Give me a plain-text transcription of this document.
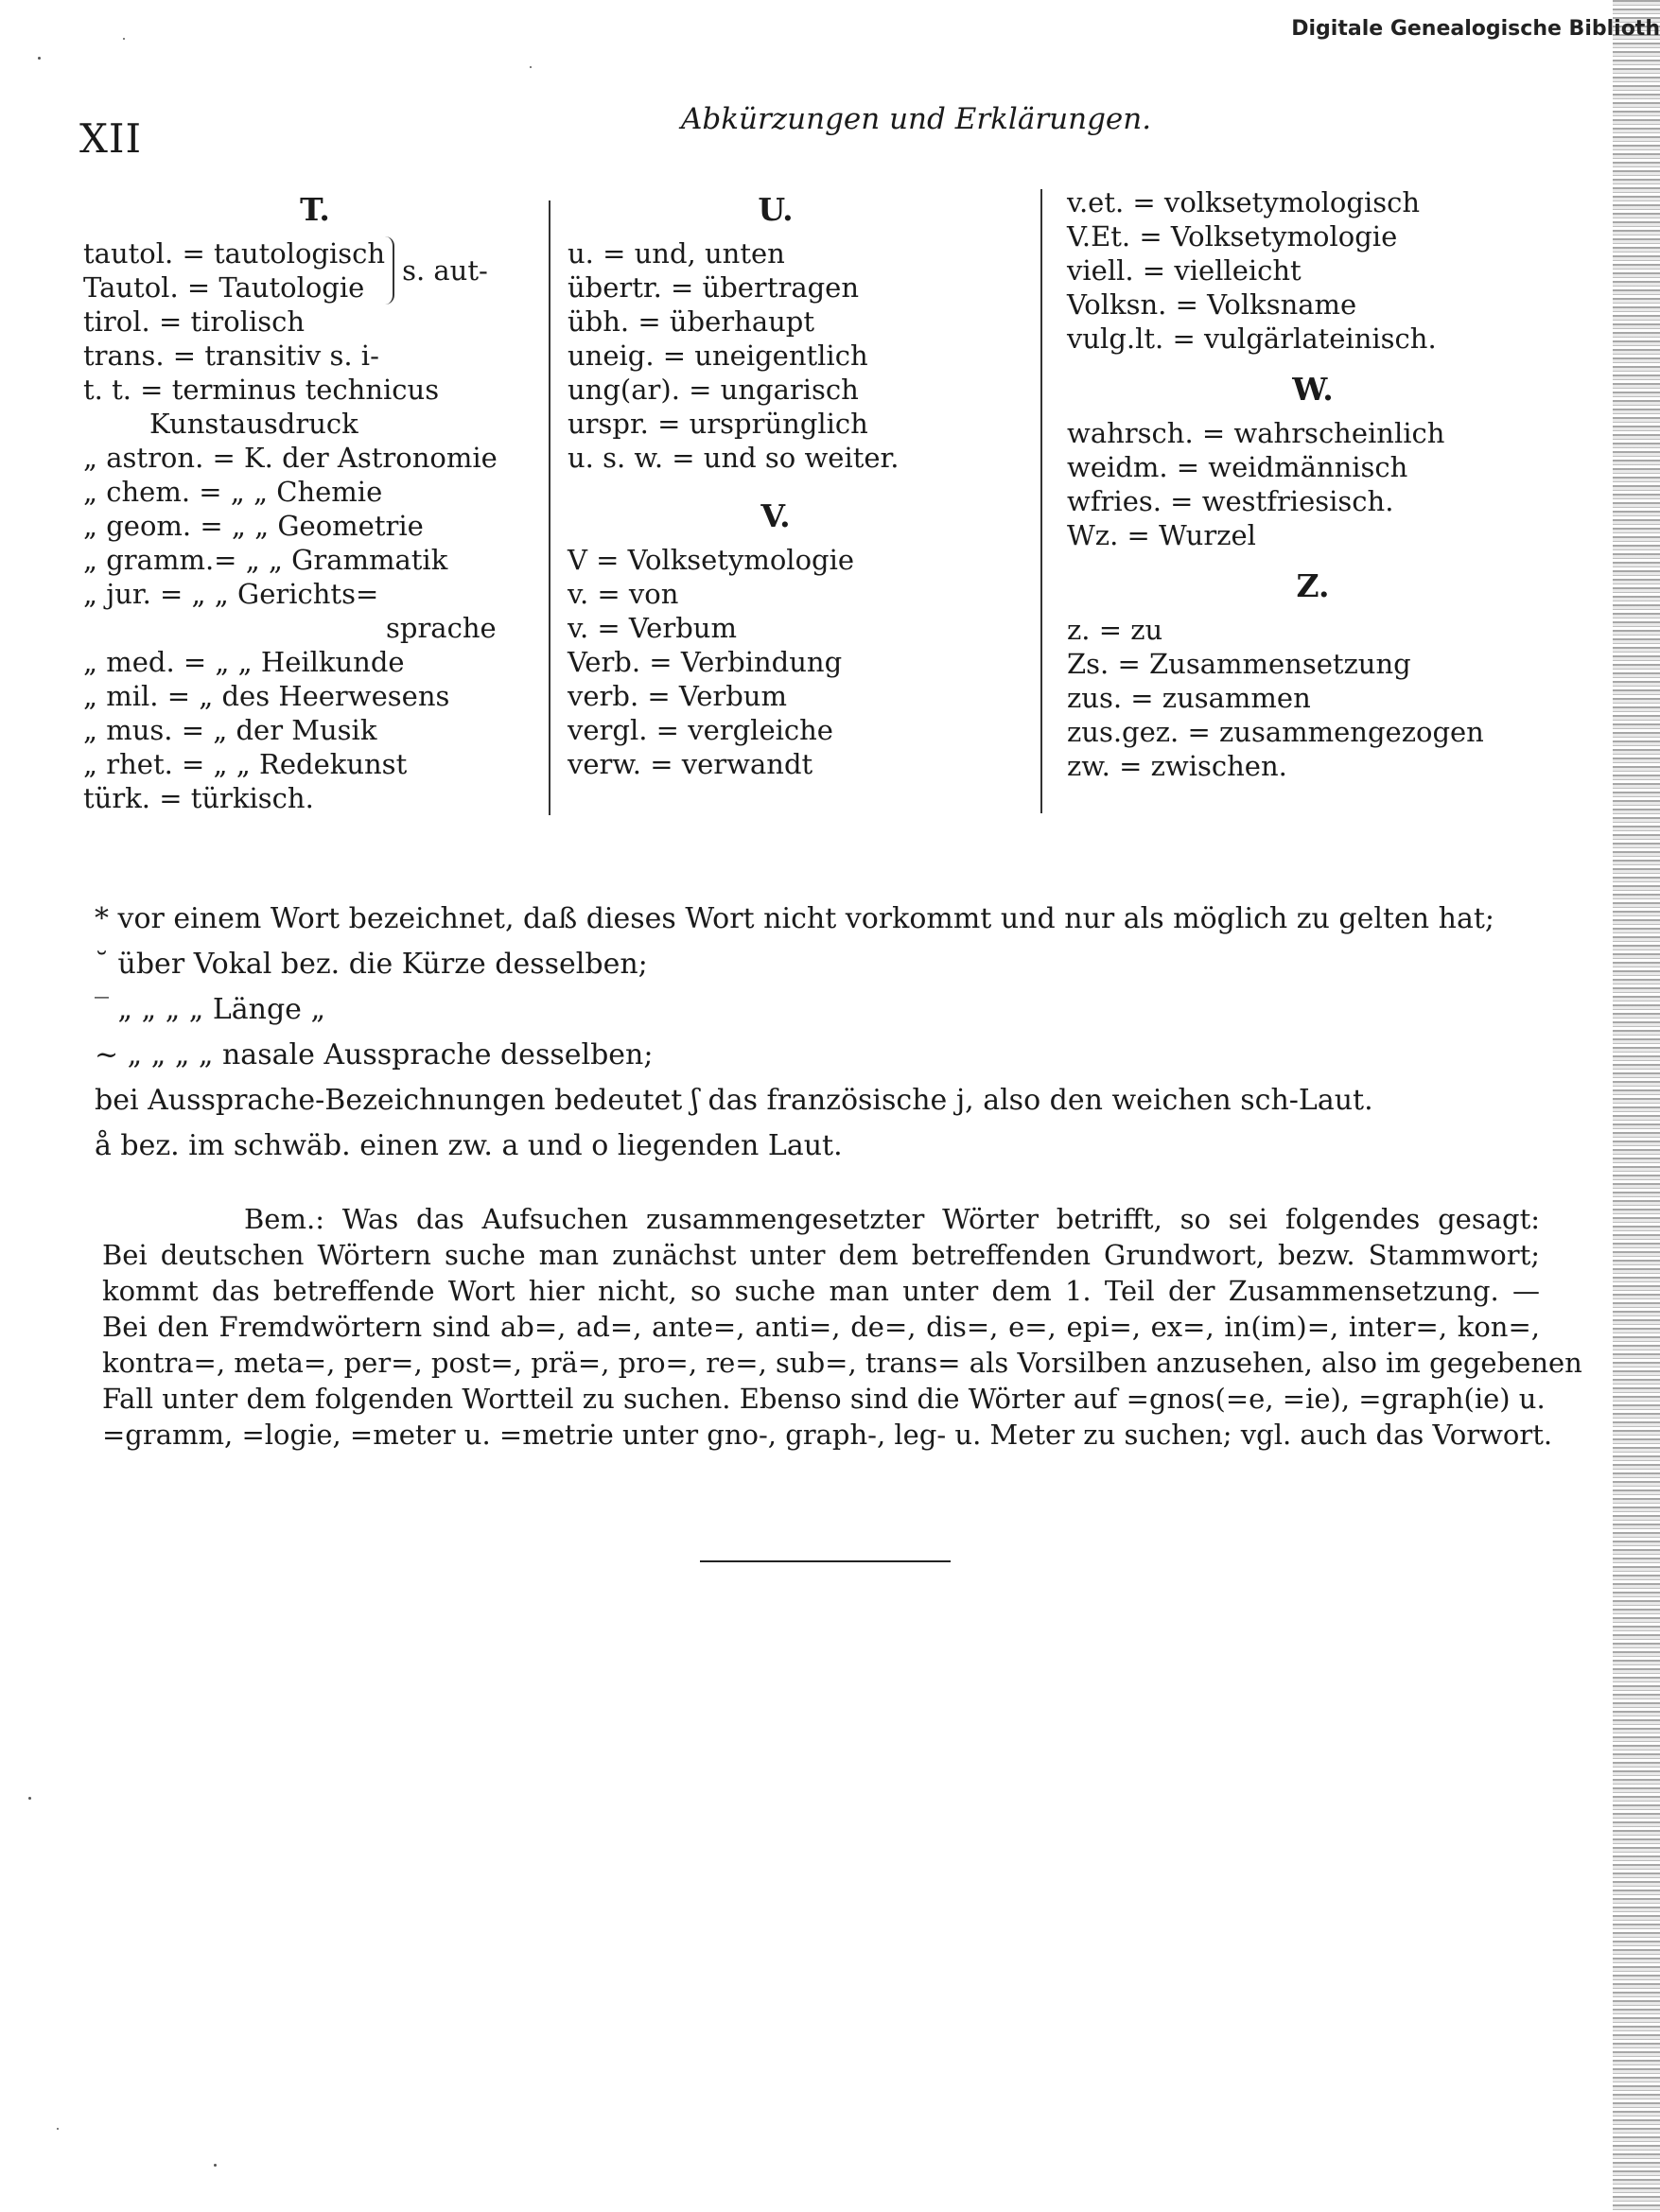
Digitale Genealogische Biblioth
XII	Abkürzungen und Erklärungen.
T.
tautol. = tautologisch
Tautol. = Tautologie
s. aut-
tirol. = tirolisch
trans. = transitiv s. i-
t. t. = terminus technicus
Kunstausdruck
„ astron. = K. der Astronomie
„ chem. = „ „ Chemie
„ geom. = „ „ Geometrie
„ gramm.= „ „ Grammatik
„ jur. = „ „ Gerichts=
sprache
„ med. = „ „ Heilkunde
„ mil. = „ des Heerwesens
„ mus. = „ der Musik
„ rhet. = „ „ Redekunst
türk. = türkisch.
U.
u. = und, unten
übertr. = übertragen
übh. = überhaupt
uneig. = uneigentlich
ung(ar). = ungarisch
urspr. = ursprünglich
u. s. w. = und so weiter.
V.
V = Volksetymologie
v. = von
v. = Verbum
Verb. = Verbindung
verb. = Verbum
vergl. = vergleiche
verw. = verwandt
v.et. = volksetymologisch
V.Et. = Volksetymologie
viell. = vielleicht
Volksn. = Volksname
vulg.lt. = vulgärlateinisch.
W.
wahrsch. = wahrscheinlich
weidm. = weidmännisch
wfries. = westfriesisch.
Wz. = Wurzel
Z.
z. = zu
Zs. = Zusammensetzung
zus. = zusammen
zus.gez. = zusammengezogen
zw. = zwischen.
* vor einem Wort bezeichnet, daß dieses Wort nicht vorkommt und nur als möglich zu gelten hat;
˘ über Vokal bez. die Kürze desselben;
‾ „ „ „ „ Länge „
~ „ „ „ „ nasale Aussprache desselben;
bei Aussprache-Bezeichnungen bedeutet ʃ das französische j, also den weichen sch-Laut.
å bez. im schwäb. einen zw. a und o liegenden Laut.
Bem.: Was das Aufsuchen zusammengesetzter Wörter betrifft, so sei folgendes gesagt:
Bei deutschen Wörtern suche man zunächst unter dem betreffenden Grundwort, bezw. Stammwort;
kommt das betreffende Wort hier nicht, so suche man unter dem 1. Teil der Zusammensetzung. —
Bei den Fremdwörtern sind ab=, ad=, ante=, anti=, de=, dis=, e=, epi=, ex=, in(im)=, inter=, kon=,
kontra=, meta=, per=, post=, prä=, pro=, re=, sub=, trans= als Vorsilben anzusehen, also im gegebenen
Fall unter dem folgenden Wortteil zu suchen. Ebenso sind die Wörter auf =gnos(=e, =ie), =graph(ie) u.
=gramm, =logie, =meter u. =metrie unter gno-, graph-, leg- u. Meter zu suchen; vgl. auch das Vorwort.
